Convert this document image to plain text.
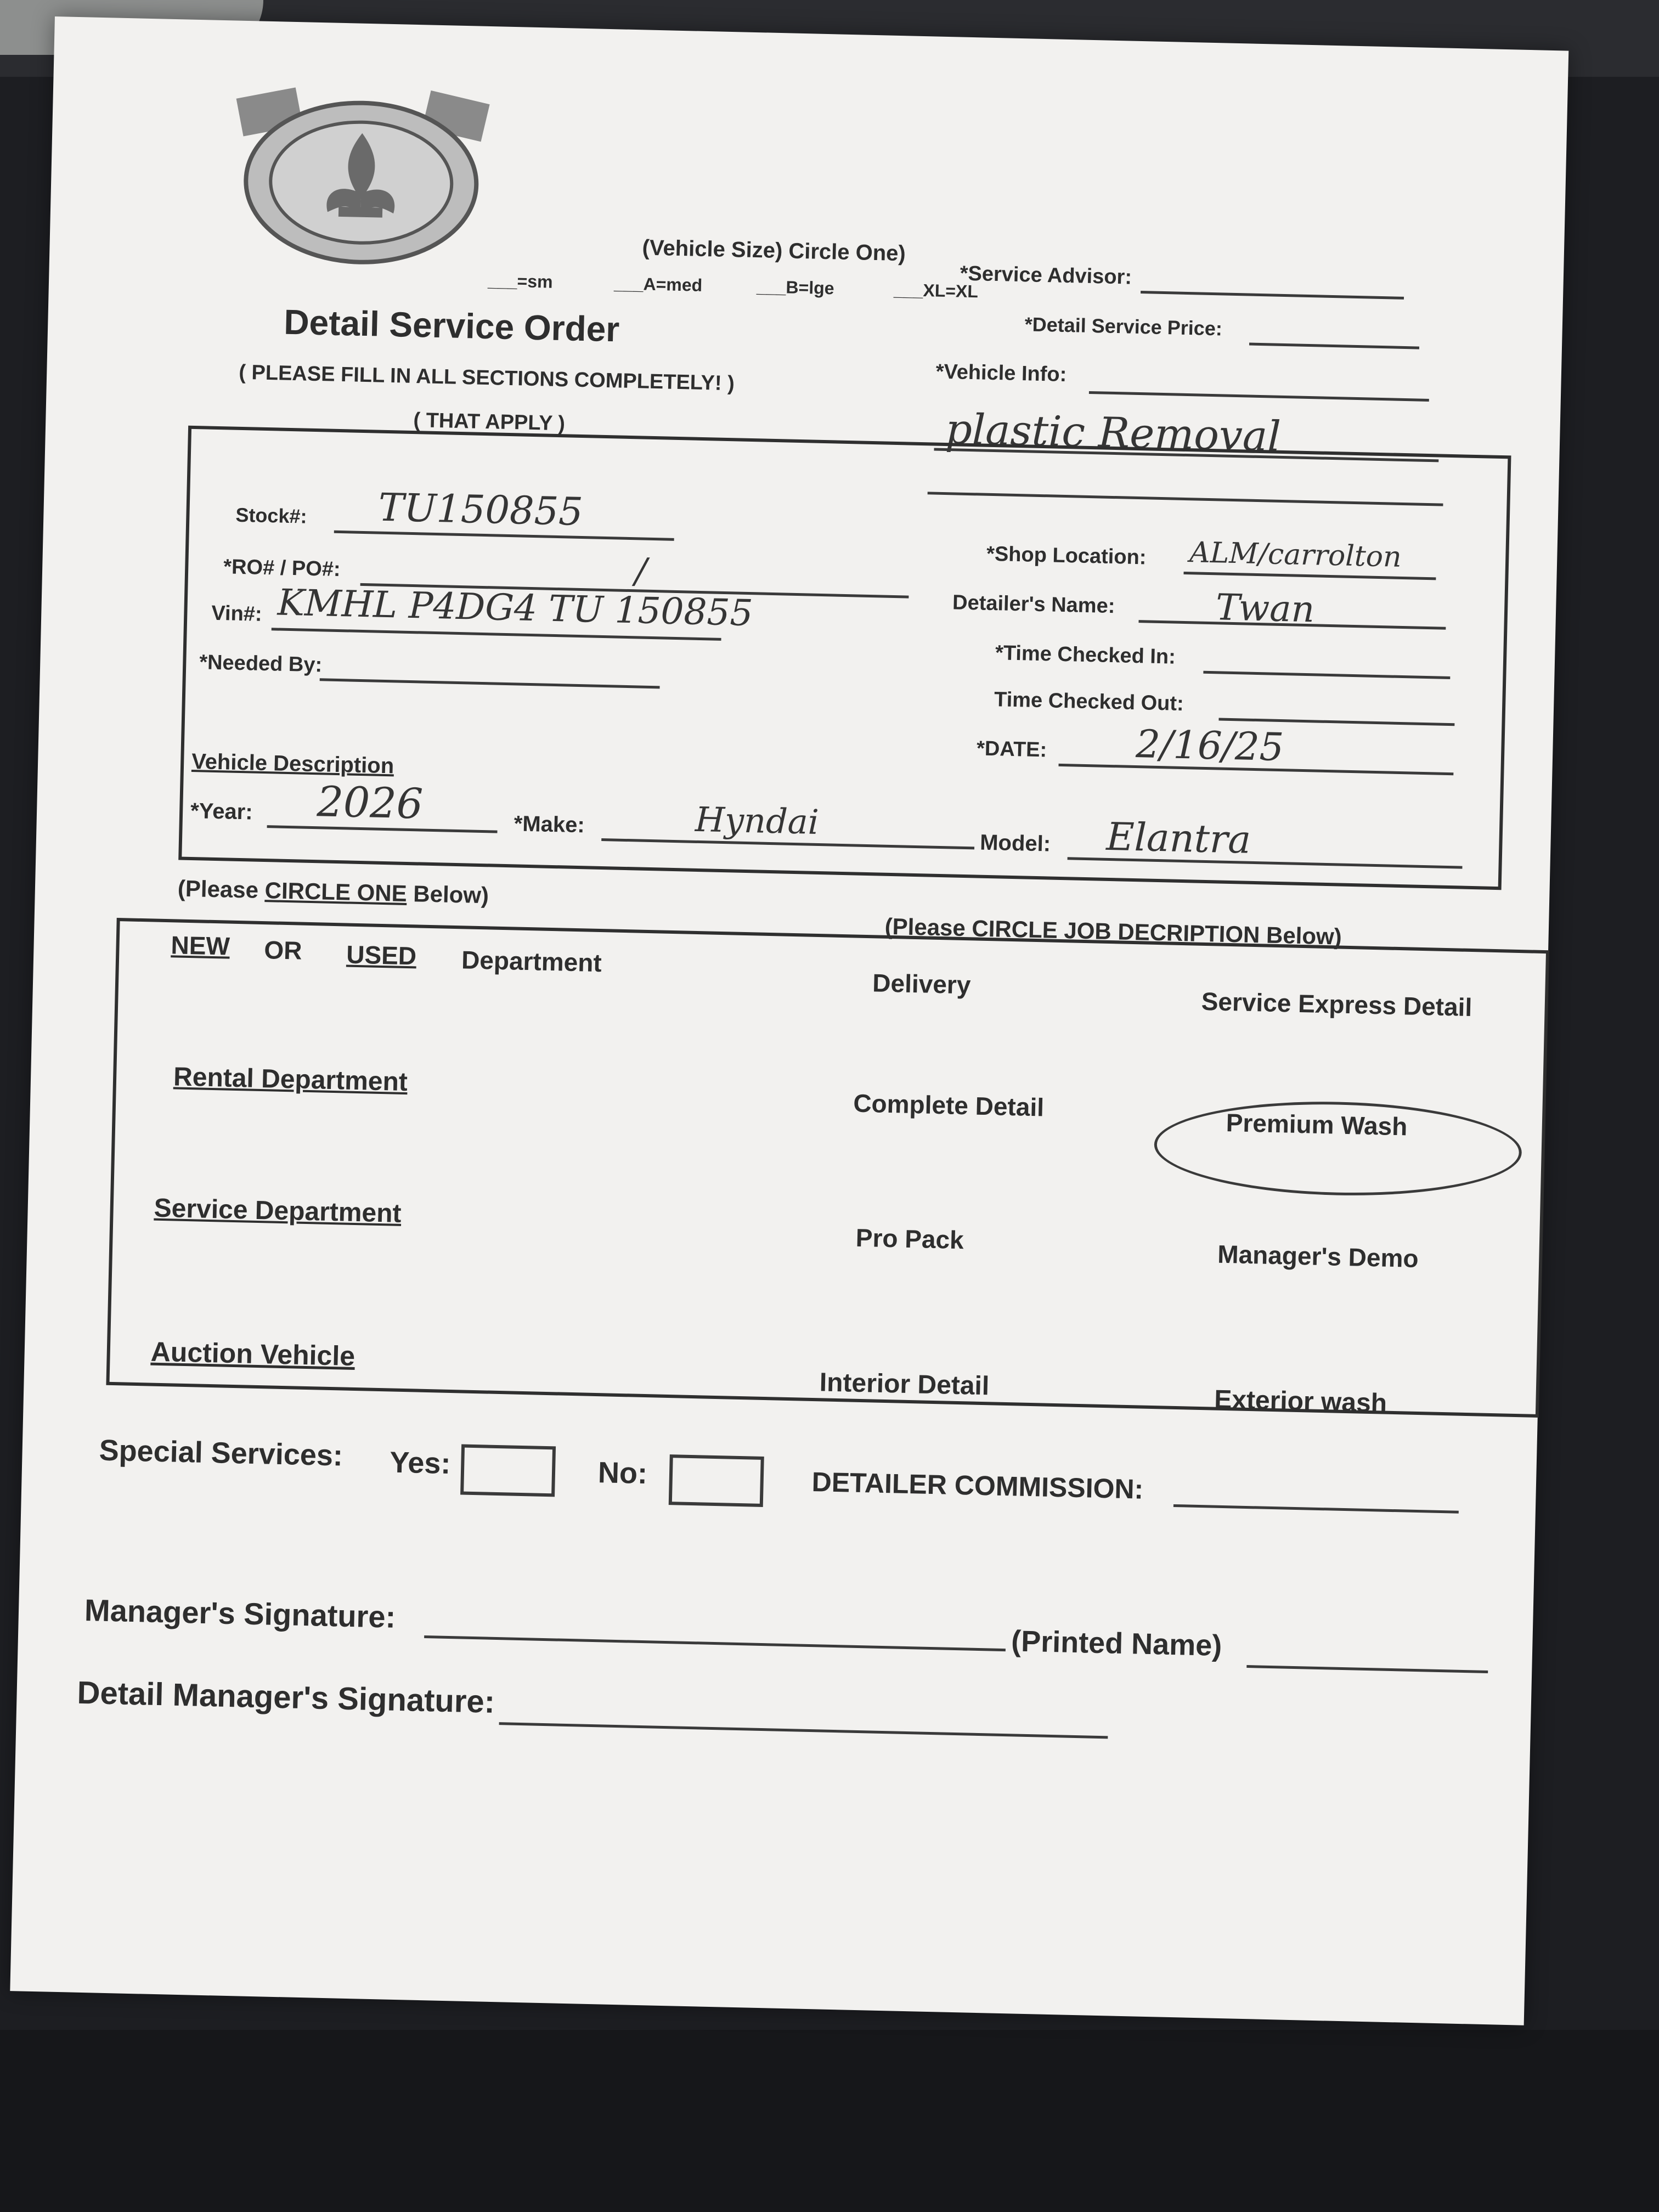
(Vehicle Size) Circle One)
___=sm	___A=med	___B=lge	___XL=XL
Detail Service Order
( PLEASE FILL IN ALL SECTIONS COMPLETELY! )
( THAT APPLY )
*Service Advisor:
*Detail Service Price:
*Vehicle Info:
plastic Removal
Stock#: TU150855
*RO# / PO#:	/
Vin#: KMHL P4DG4 TU 150855
*Needed By:
*Shop Location: ALM/carrolton
Detailer's Name:	Twan
*Time Checked In:
Time Checked Out:
*DATE: 2/16/25
Vehicle Description
*Year: 2026	*Make:	Hyndai
Model: Elantra
(Please CIRCLE ONE Below)
(Please CIRCLE JOB DECRIPTION Below)
NEW OR USED Department
Delivery
Service Express Detail
Rental Department
Complete Detail
Premium Wash
Service Department
Pro Pack
Manager's Demo
Auction Vehicle
Interior Detail
Exterior wash
Special Services: Yes:	No:	DETAILER COMMISSION:
Manager's Signature:
(Printed Name)
Detail Manager's Signature:
